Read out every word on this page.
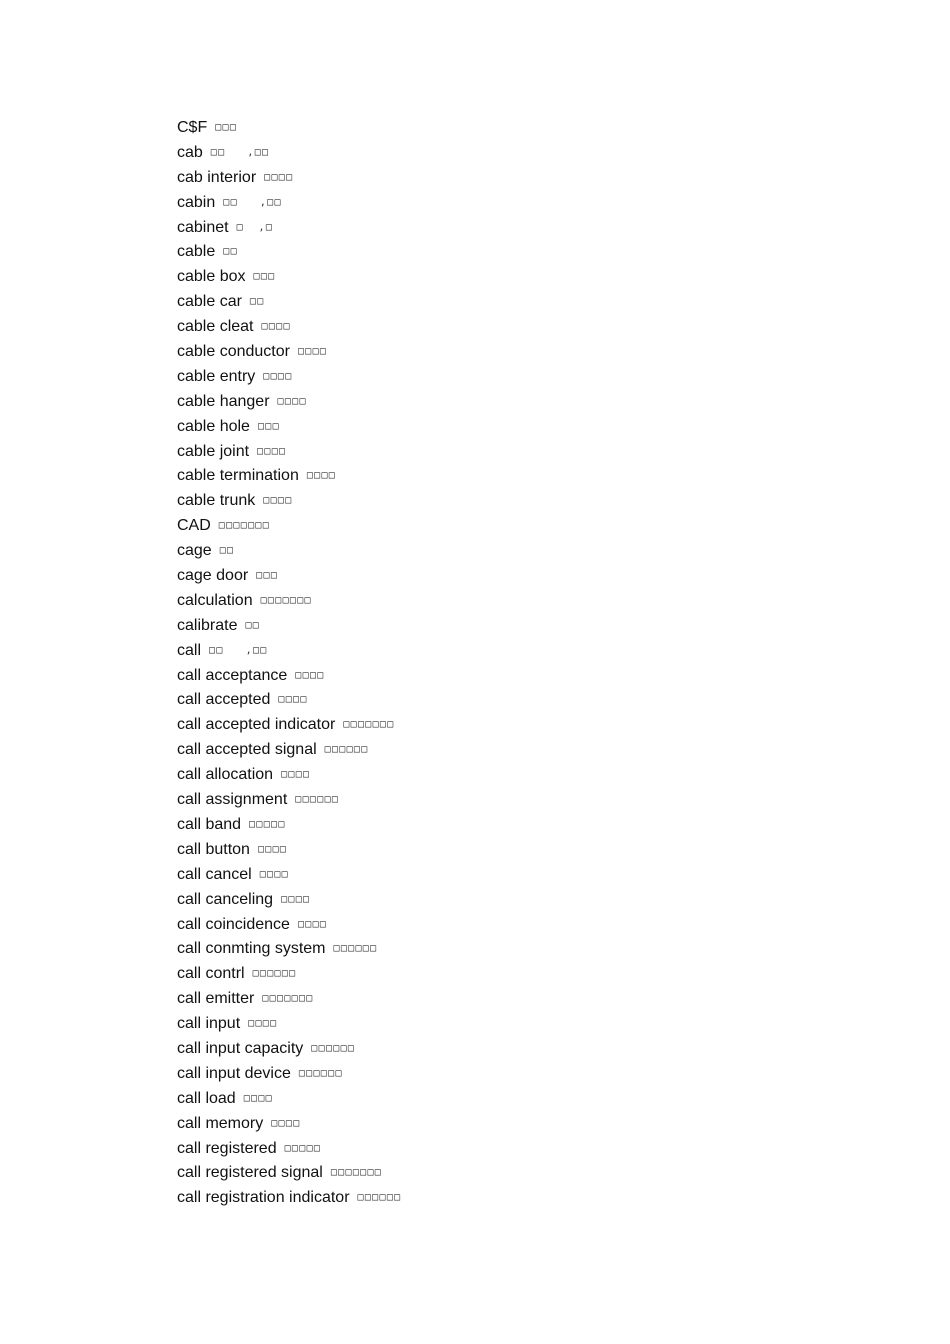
C$F □□□
cab □□   ,□□
cab interior □□□□
cabin □□   ,□□
cabinet □  ,□
cable □□
cable box □□□
cable car □□
cable cleat □□□□
cable conductor □□□□
cable entry □□□□
cable hanger □□□□
cable hole □□□
cable joint □□□□
cable termination □□□□
cable trunk □□□□
CAD □□□□□□□
cage □□
cage door □□□
calculation □□□□□□□
calibrate □□
call □□   ,□□
call acceptance □□□□
call accepted □□□□
call accepted indicator □□□□□□□
call accepted signal □□□□□□
call allocation □□□□
call assignment □□□□□□
call band □□□□□
call button □□□□
call cancel □□□□
call canceling □□□□
call coincidence □□□□
call conmting system □□□□□□
call contrl □□□□□□
call emitter □□□□□□□
call input □□□□
call input capacity □□□□□□
call input device □□□□□□
call load □□□□
call memory □□□□
call registered □□□□□
call registered signal □□□□□□□
call registration indicator □□□□□□
